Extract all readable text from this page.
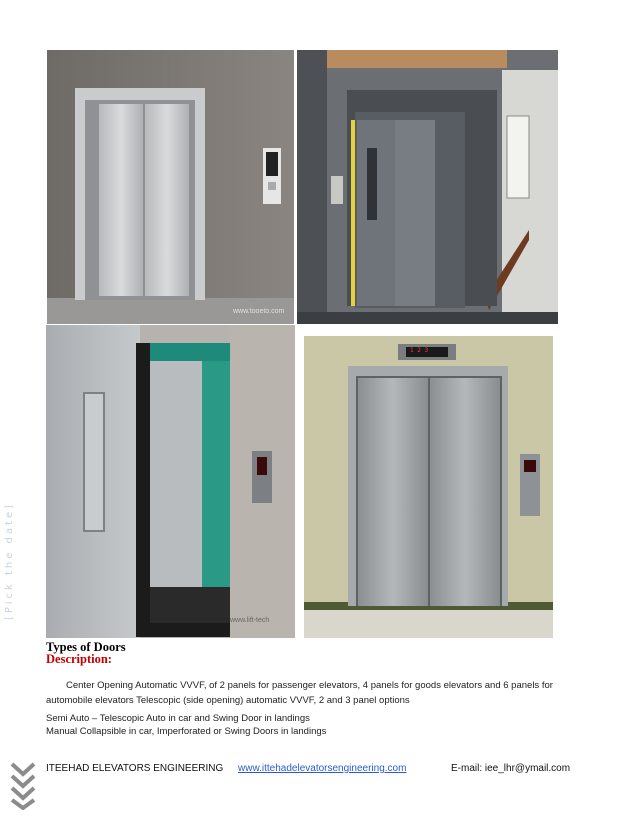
[Pick the date]
www.tooeto.com
www.lift-tech
1 2 3
Types of Doors
Description:
Center Opening Automatic VVVF, of 2 panels for passenger elevators, 4 panels for goods elevators and 6 panels for automobile elevators Telescopic (side opening) automatic VVVF, 2 and 3 panel options
Semi Auto – Telescopic Auto in car and Swing Door in landings
Manual Collapsible in car, Imperforated or Swing Doors in landings
ITEEHAD ELEVATORS ENGINEERING www.ittehadelevatorsengineering.com	E-mail: iee_lhr@ymail.com
